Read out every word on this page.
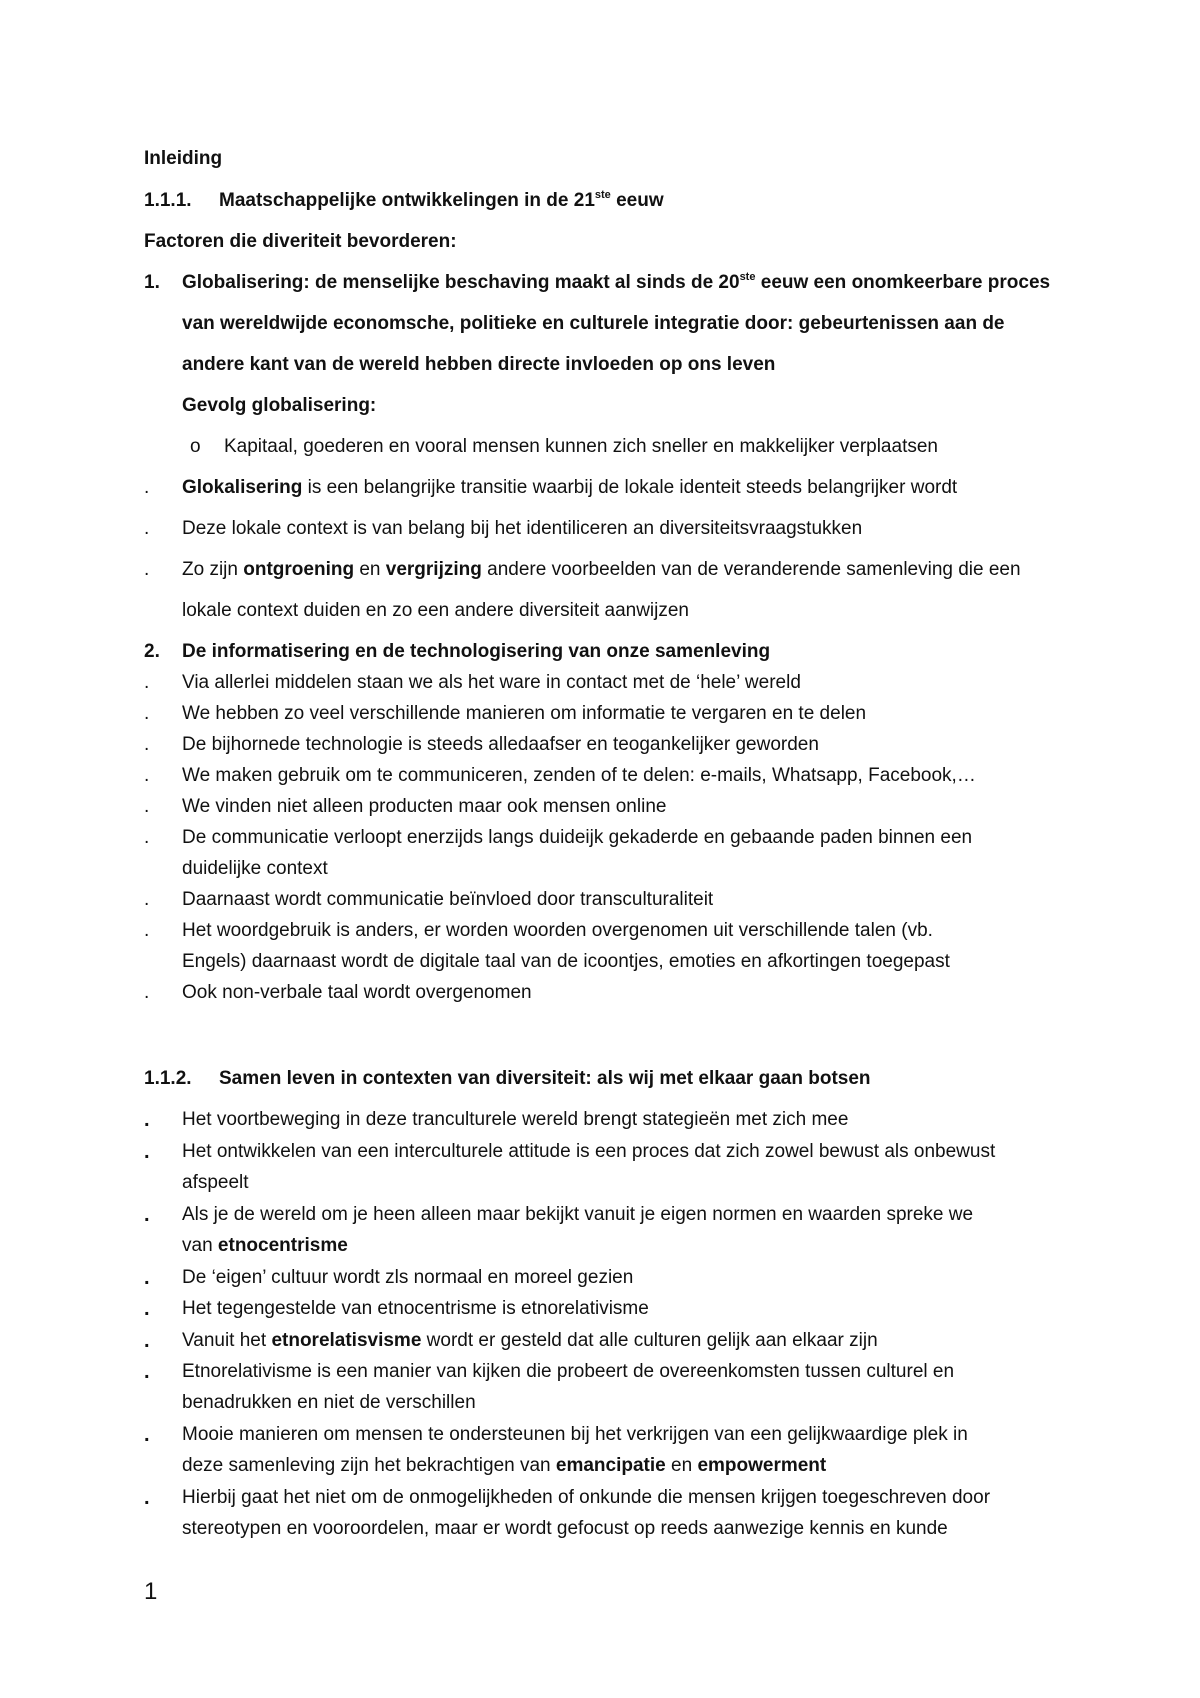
Inleiding
1.1.1. Maatschappelijke ontwikkelingen in de 21ste eeuw
Factoren die diveriteit bevorderen:
1. Globalisering: de menselijke beschaving maakt al sinds de 20ste eeuw een onomkeerbare proces
van wereldwijde economsche, politieke en culturele integratie door: gebeurtenissen aan de
andere kant van de wereld hebben directe invloeden op ons leven
Gevolg globalisering:
o Kapitaal, goederen en vooral mensen kunnen zich sneller en makkelijker verplaatsen
. Glokalisering is een belangrijke transitie waarbij de lokale identeit steeds belangrijker wordt
. Deze lokale context is van belang bij het identiliceren an diversiteitsvraagstukken
. Zo zijn ontgroening en vergrijzing andere voorbeelden van de veranderende samenleving die een
lokale context duiden en zo een andere diversiteit aanwijzen
2. De informatisering en de technologisering van onze samenleving
. Via allerlei middelen staan we als het ware in contact met de ‘hele’ wereld
. We hebben zo veel verschillende manieren om informatie te vergaren en te delen
. De bijhornede technologie is steeds alledaafser en teogankelijker geworden
. We maken gebruik om te communiceren, zenden of te delen: e-mails, Whatsapp, Facebook,…
. We vinden niet alleen producten maar ook mensen online
. De communicatie verloopt enerzijds langs duideijk gekaderde en gebaande paden binnen een
duidelijke context
. Daarnaast wordt communicatie beïnvloed door transculturaliteit
. Het woordgebruik is anders, er worden woorden overgenomen uit verschillende talen (vb.
Engels) daarnaast wordt de digitale taal van de icoontjes, emoties en afkortingen toegepast
. Ook non-verbale taal wordt overgenomen
1.1.2. Samen leven in contexten van diversiteit: als wij met elkaar gaan botsen
. Het voortbeweging in deze tranculturele wereld brengt stategieën met zich mee
. Het ontwikkelen van een interculturele attitude is een proces dat zich zowel bewust als onbewust
afspeelt
. Als je de wereld om je heen alleen maar bekijkt vanuit je eigen normen en waarden spreke we
van etnocentrisme
. De ‘eigen’ cultuur wordt zls normaal en moreel gezien
. Het tegengestelde van etnocentrisme is etnorelativisme
. Vanuit het etnorelatisvisme wordt er gesteld dat alle culturen gelijk aan elkaar zijn
. Etnorelativisme is een manier van kijken die probeert de overeenkomsten tussen culturel en
benadrukken en niet de verschillen
. Mooie manieren om mensen te ondersteunen bij het verkrijgen van een gelijkwaardige plek in
deze samenleving zijn het bekrachtigen van emancipatie en empowerment
. Hierbij gaat het niet om de onmogelijkheden of onkunde die mensen krijgen toegeschreven door
stereotypen en vooroordelen, maar er wordt gefocust op reeds aanwezige kennis en kunde
1
